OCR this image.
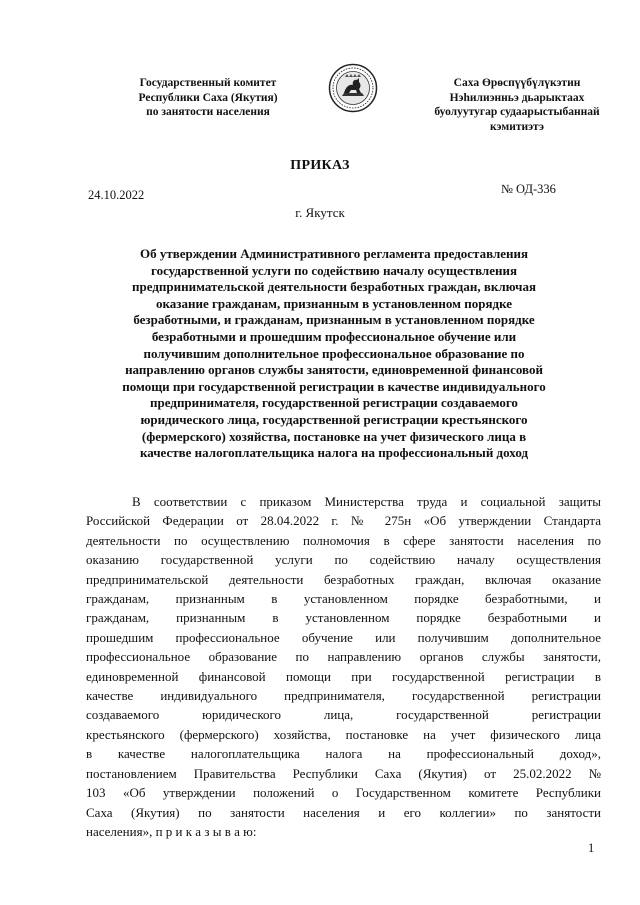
Государственный комитет
Республики Саха (Якутия)
по занятости населения
Саха Өрөспүүбүлүкэтин
Нэһилиэнньэ дьарыктаах
буолуутугар судаарыстыбаннай
кэмитиэтэ
ПРИКАЗ
№ ОД-336
24.10.2022
г. Якутск
Об утверждении Административного регламента предоставления
государственной услуги по содействию началу осуществления
предпринимательской деятельности безработных граждан, включая
оказание гражданам, признанным в установленном порядке
безработными, и гражданам, признанным в установленном порядке
безработными и прошедшим профессиональное обучение или
получившим дополнительное профессиональное образование по
направлению органов службы занятости, единовременной финансовой
помощи при государственной регистрации в качестве индивидуального
предпринимателя, государственной регистрации создаваемого
юридического лица, государственной регистрации крестьянского
(фермерского) хозяйства, постановке на учет физического лица в
качестве налогоплательщика налога на профессиональный доход
В соответствии с приказом Министерства труда и социальной защиты
Российской Федерации от 28.04.2022 г. № 275н «Об утверждении Стандарта
деятельности по осуществлению полномочия в сфере занятости населения по
оказанию государственной услуги по содействию началу осуществления
предпринимательской деятельности безработных граждан, включая оказание
гражданам, признанным в установленном порядке безработными, и
гражданам, признанным в установленном порядке безработными и
прошедшим профессиональное обучение или получившим дополнительное
профессиональное образование по направлению органов службы занятости,
единовременной финансовой помощи при государственной регистрации в
качестве индивидуального предпринимателя, государственной регистрации
создаваемого юридического лица, государственной регистрации
крестьянского (фермерского) хозяйства, постановке на учет физического лица
в качестве налогоплательщика налога на профессиональный доход»,
постановлением Правительства Республики Саха (Якутия) от 25.02.2022 №
103 «Об утверждении положений о Государственном комитете Республики
Саха (Якутия) по занятости населения и его коллегии» по занятости
населения», п р и к а з ы в а ю:
1
